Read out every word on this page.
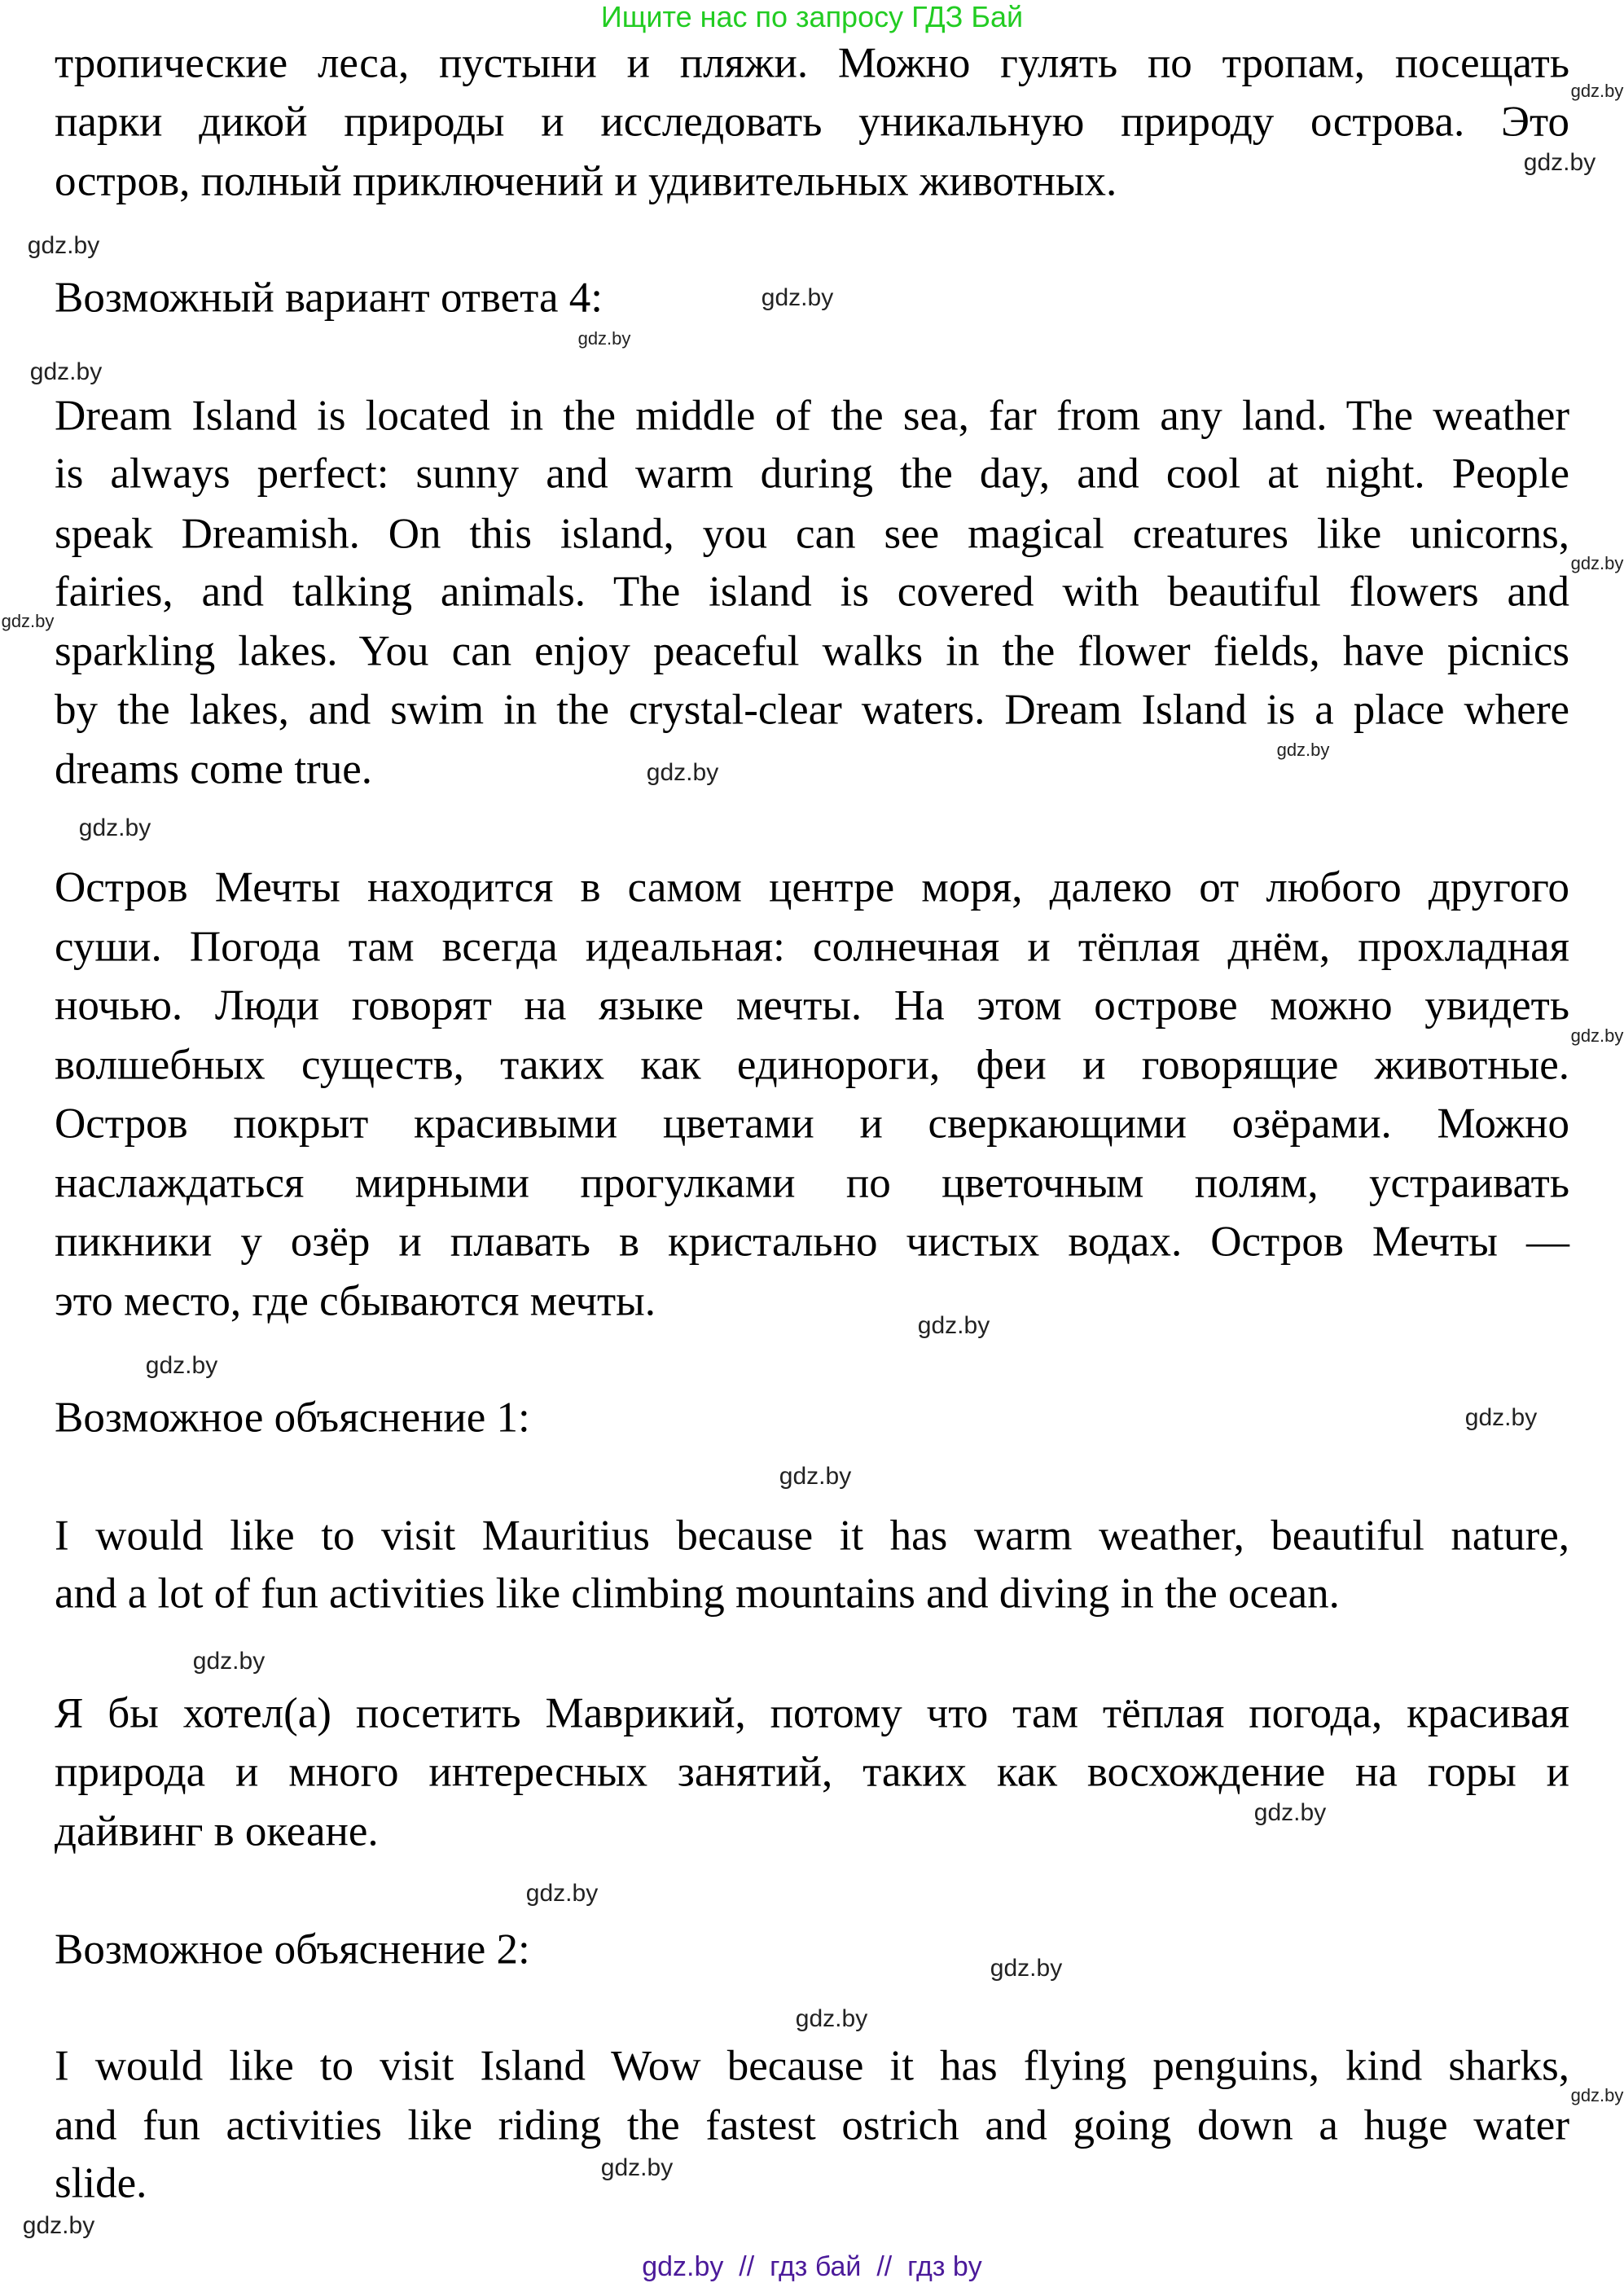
Ищите нас по запросу ГДЗ Бай
тропические леса, пустыни и пляжи. Можно гулять по тропам, посещать
парки дикой природы и исследовать уникальную природу острова. Это
остров, полный приключений и удивительных животных.
Возможный вариант ответа 4:
Dream Island is located in the middle of the sea, far from any land. The weather
is always perfect: sunny and warm during the day, and cool at night. People
speak Dreamish. On this island, you can see magical creatures like unicorns,
fairies, and talking animals. The island is covered with beautiful flowers and
sparkling lakes. You can enjoy peaceful walks in the flower fields, have picnics
by the lakes, and swim in the crystal-clear waters. Dream Island is a place where
dreams come true.
Остров Мечты находится в самом центре моря, далеко от любого другого
суши. Погода там всегда идеальная: солнечная и тёплая днём, прохладная
ночью. Люди говорят на языке мечты. На этом острове можно увидеть
волшебных существ, таких как единороги, феи и говорящие животные.
Остров покрыт красивыми цветами и сверкающими озёрами. Можно
наслаждаться мирными прогулками по цветочным полям, устраивать
пикники у озёр и плавать в кристально чистых водах. Остров Мечты —
это место, где сбываются мечты.
Возможное объяснение 1:
I would like to visit Mauritius because it has warm weather, beautiful nature,
and a lot of fun activities like climbing mountains and diving in the ocean.
Я бы хотел(а) посетить Маврикий, потому что там тёплая погода, красивая
природа и много интересных занятий, таких как восхождение на горы и
дайвинг в океане.
Возможное объяснение 2:
I would like to visit Island Wow because it has flying penguins, kind sharks,
and fun activities like riding the fastest ostrich and going down a huge water
slide.
gdz.by
gdz.by
gdz.by
gdz.by
gdz.by
gdz.by
gdz.by
gdz.by
gdz.by
gdz.by
gdz.by
gdz.by
gdz.by
gdz.by
gdz.by
gdz.by
gdz.by
gdz.by
gdz.by
gdz.by
gdz.by
gdz.by
gdz.by
gdz.by
gdz.by  //  гдз бай  //  гдз by
